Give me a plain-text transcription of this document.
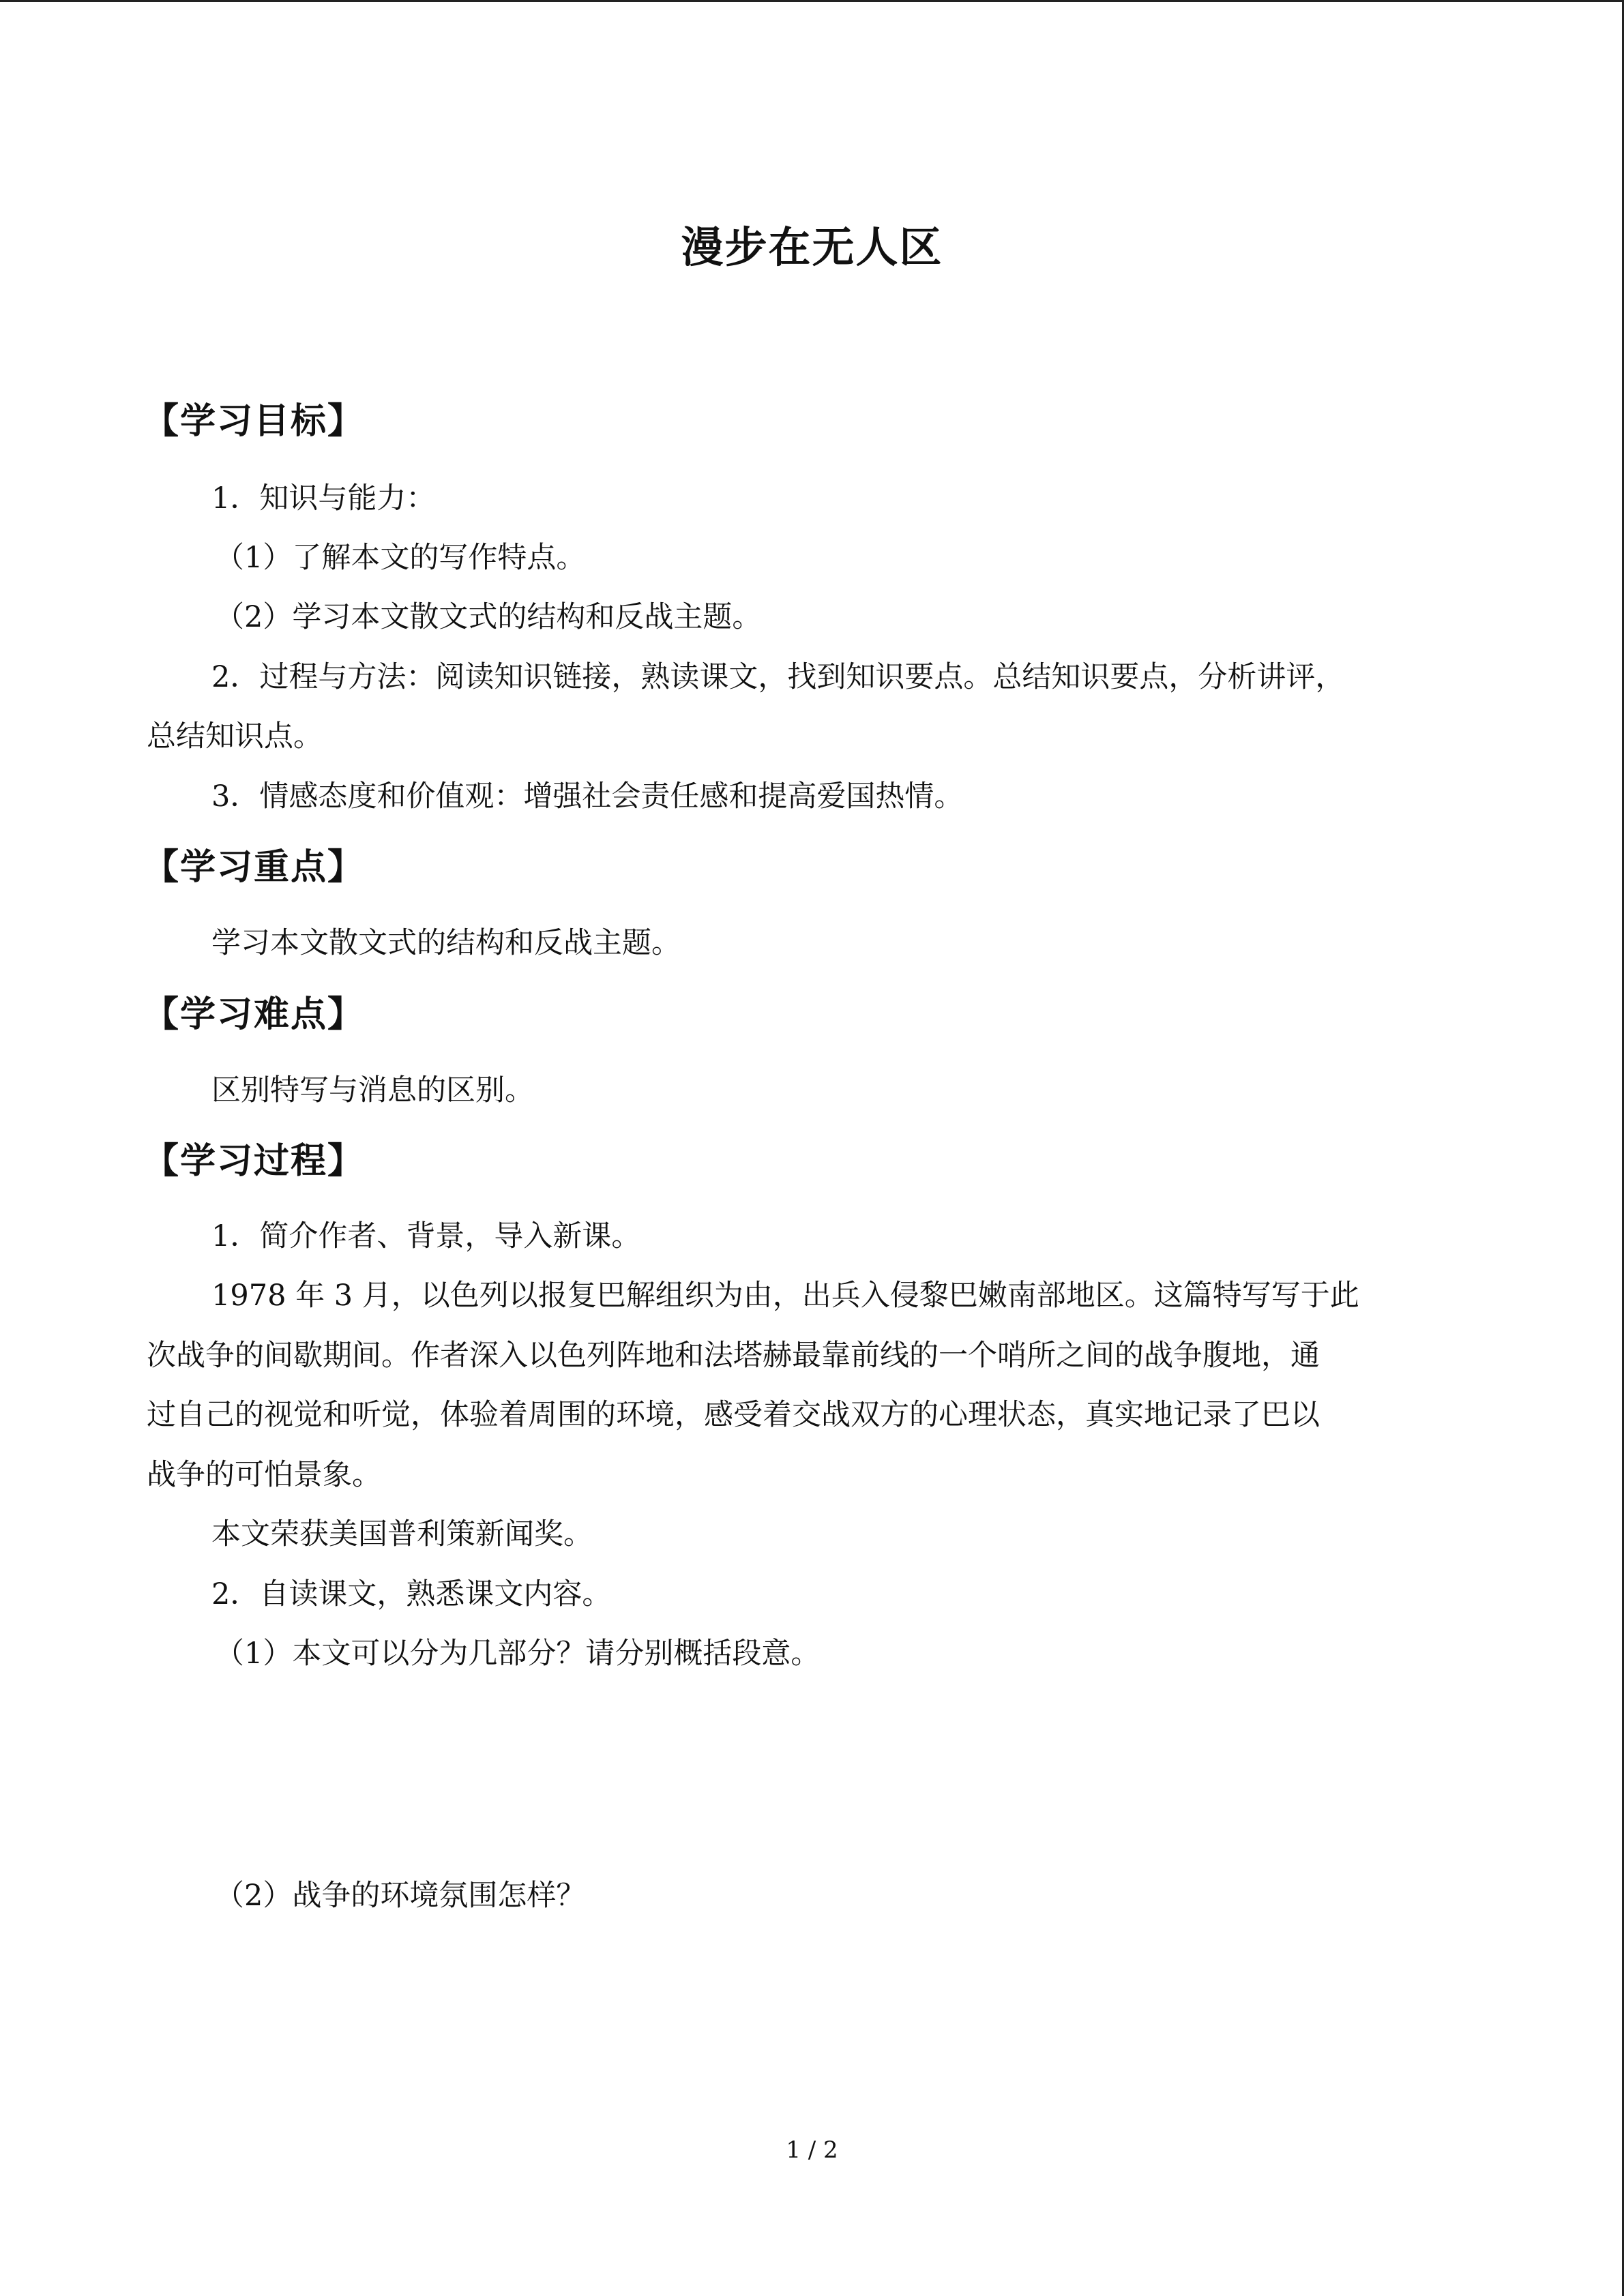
漫步在无人区
【学习目标】
1．知识与能力：
（1）了解本文的写作特点。
（2）学习本文散文式的结构和反战主题。
2．过程与方法：阅读知识链接，熟读课文，找到知识要点。总结知识要点，分析讲评，
总结知识点。
3．情感态度和价值观：增强社会责任感和提高爱国热情。
【学习重点】
学习本文散文式的结构和反战主题。
【学习难点】
区别特写与消息的区别。
【学习过程】
1．简介作者、背景，导入新课。
1978 年 3 月，以色列以报复巴解组织为由，出兵入侵黎巴嫩南部地区。这篇特写写于此
次战争的间歇期间。作者深入以色列阵地和法塔赫最靠前线的一个哨所之间的战争腹地，通
过自己的视觉和听觉，体验着周围的环境，感受着交战双方的心理状态，真实地记录了巴以
战争的可怕景象。
本文荣获美国普利策新闻奖。
2．自读课文，熟悉课文内容。
（1）本文可以分为几部分？请分别概括段意。
（2）战争的环境氛围怎样？
1 / 2
